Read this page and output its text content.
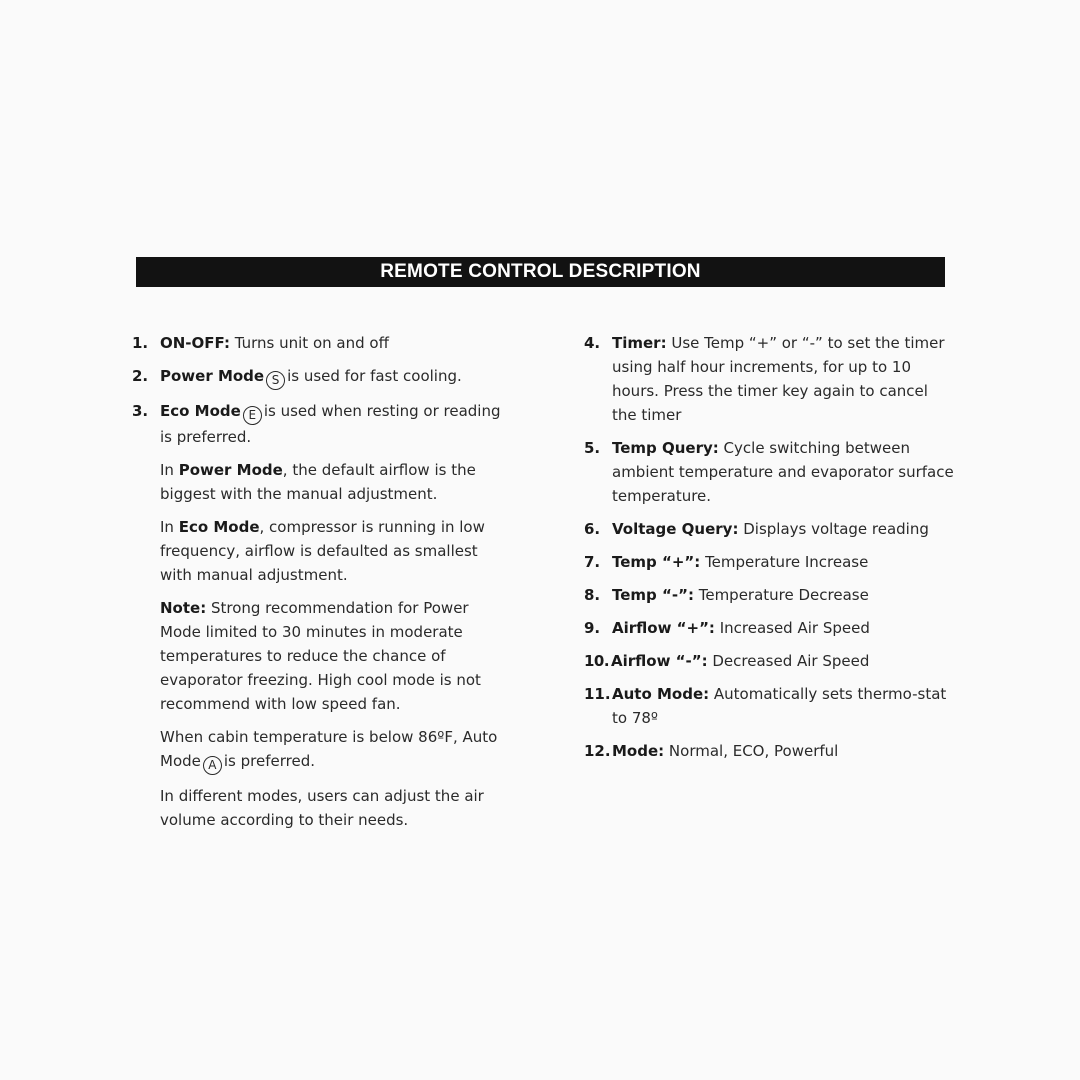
REMOTE CONTROL DESCRIPTION
1. ON-OFF: Turns unit on and off
2. Power Mode S is used for fast cooling.
3. Eco Mode E is used when resting or reading is preferred.
In Power Mode, the default airflow is the biggest with the manual adjustment.
In Eco Mode, compressor is running in low frequency, airflow is defaulted as smallest with manual adjustment.
Note: Strong recommendation for Power Mode limited to 30 minutes in moderate temperatures to reduce the chance of evaporator freezing. High cool mode is not recommend with low speed fan.
When cabin temperature is below 86ºF, Auto Mode A is preferred.
In different modes, users can adjust the air volume according to their needs.
4. Timer: Use Temp “+” or “-” to set the timer using half hour increments, for up to 10 hours. Press the timer key again to cancel the timer
5. Temp Query: Cycle switching between ambient temperature and evaporator surface temperature.
6. Voltage Query: Displays voltage reading
7. Temp “+”: Temperature Increase
8. Temp “-”: Temperature Decrease
9. Airflow “+”: Increased Air Speed
10. Airflow “-”: Decreased Air Speed
11. Auto Mode: Automatically sets thermo-stat to 78º
12. Mode: Normal, ECO, Powerful
